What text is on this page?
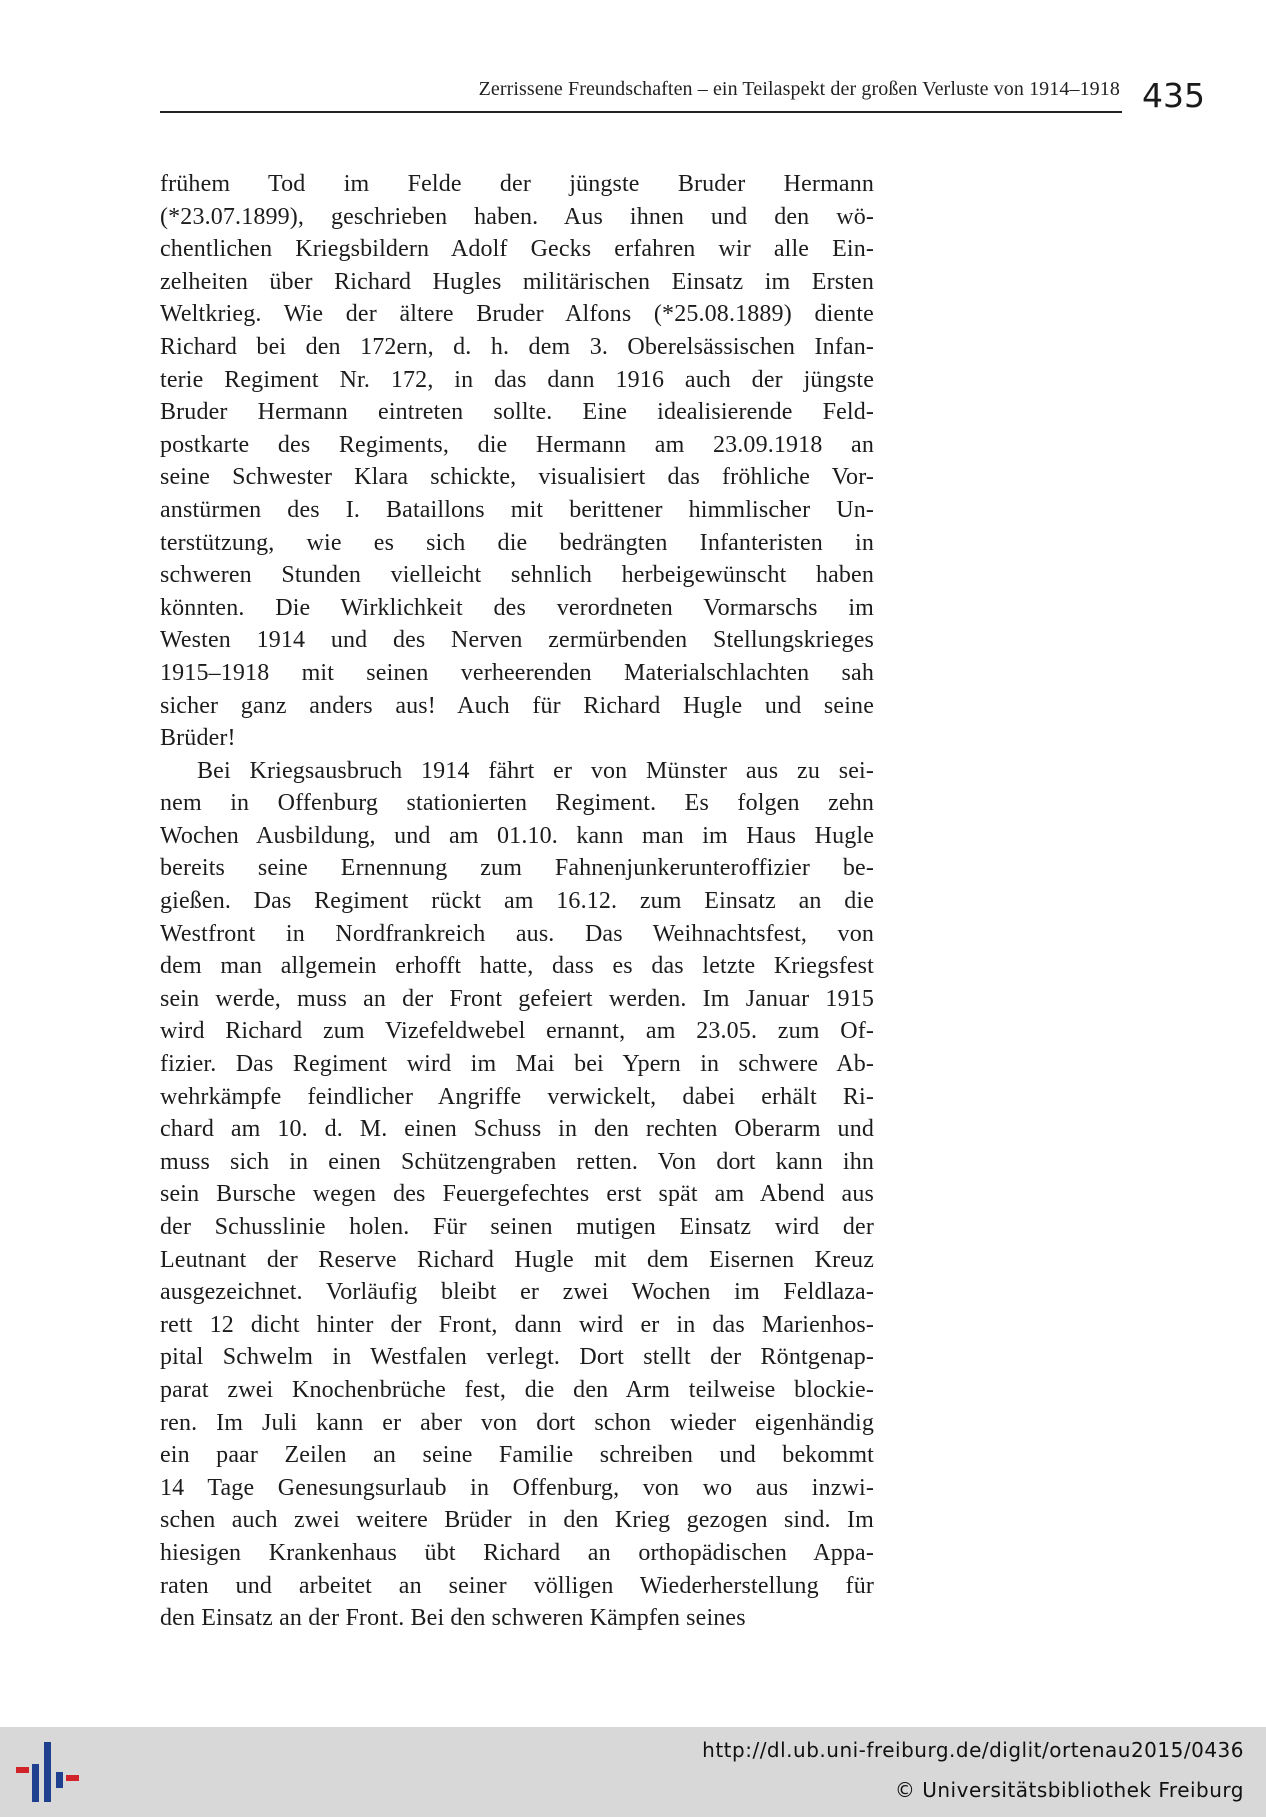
Zerrissene Freundschaften – ein Teilaspekt der großen Verluste von 1914–1918 435

frühem Tod im Felde der jüngste Bruder Hermann
(*23.07.1899), geschrieben haben. Aus ihnen und den wö-
chentlichen Kriegsbildern Adolf Gecks erfahren wir alle Ein-
zelheiten über Richard Hugles militärischen Einsatz im Ersten
Weltkrieg. Wie der ältere Bruder Alfons (*25.08.1889) diente
Richard bei den 172ern, d. h. dem 3. Oberelsässischen Infan-
terie Regiment Nr. 172, in das dann 1916 auch der jüngste
Bruder Hermann eintreten sollte. Eine idealisierende Feld-
postkarte des Regiments, die Hermann am 23.09.1918 an
seine Schwester Klara schickte, visualisiert das fröhliche Vor-
anstürmen des I. Bataillons mit berittener himmlischer Un-
terstützung, wie es sich die bedrängten Infanteristen in
schweren Stunden vielleicht sehnlich herbeigewünscht haben
könnten. Die Wirklichkeit des verordneten Vormarschs im
Westen 1914 und des Nerven zermürbenden Stellungskrieges
1915–1918 mit seinen verheerenden Materialschlachten sah
sicher ganz anders aus! Auch für Richard Hugle und seine
Brüder!

Bei Kriegsausbruch 1914 fährt er von Münster aus zu sei-
nem in Offenburg stationierten Regiment. Es folgen zehn
Wochen Ausbildung, und am 01.10. kann man im Haus Hugle
bereits seine Ernennung zum Fahnenjunkerunteroffizier be-
gießen. Das Regiment rückt am 16.12. zum Einsatz an die
Westfront in Nordfrankreich aus. Das Weihnachtsfest, von
dem man allgemein erhofft hatte, dass es das letzte Kriegsfest
sein werde, muss an der Front gefeiert werden. Im Januar 1915
wird Richard zum Vizefeldwebel ernannt, am 23.05. zum Of-
fizier. Das Regiment wird im Mai bei Ypern in schwere Ab-
wehrkämpfe feindlicher Angriffe verwickelt, dabei erhält Ri-
chard am 10. d. M. einen Schuss in den rechten Oberarm und
muss sich in einen Schützengraben retten. Von dort kann ihn
sein Bursche wegen des Feuergefechtes erst spät am Abend aus
der Schusslinie holen. Für seinen mutigen Einsatz wird der
Leutnant der Reserve Richard Hugle mit dem Eisernen Kreuz
ausgezeichnet. Vorläufig bleibt er zwei Wochen im Feldlaza-
rett 12 dicht hinter der Front, dann wird er in das Marienhos-
pital Schwelm in Westfalen verlegt. Dort stellt der Röntgenap-
parat zwei Knochenbrüche fest, die den Arm teilweise blockie-
ren. Im Juli kann er aber von dort schon wieder eigenhändig
ein paar Zeilen an seine Familie schreiben und bekommt
14 Tage Genesungsurlaub in Offenburg, von wo aus inzwi-
schen auch zwei weitere Brüder in den Krieg gezogen sind. Im
hiesigen Krankenhaus übt Richard an orthopädischen Appa-
raten und arbeitet an seiner völligen Wiederherstellung für
den Einsatz an der Front. Bei den schweren Kämpfen seines

http://dl.ub.uni-freiburg.de/diglit/ortenau2015/0436
© Universitätsbibliothek Freiburg
